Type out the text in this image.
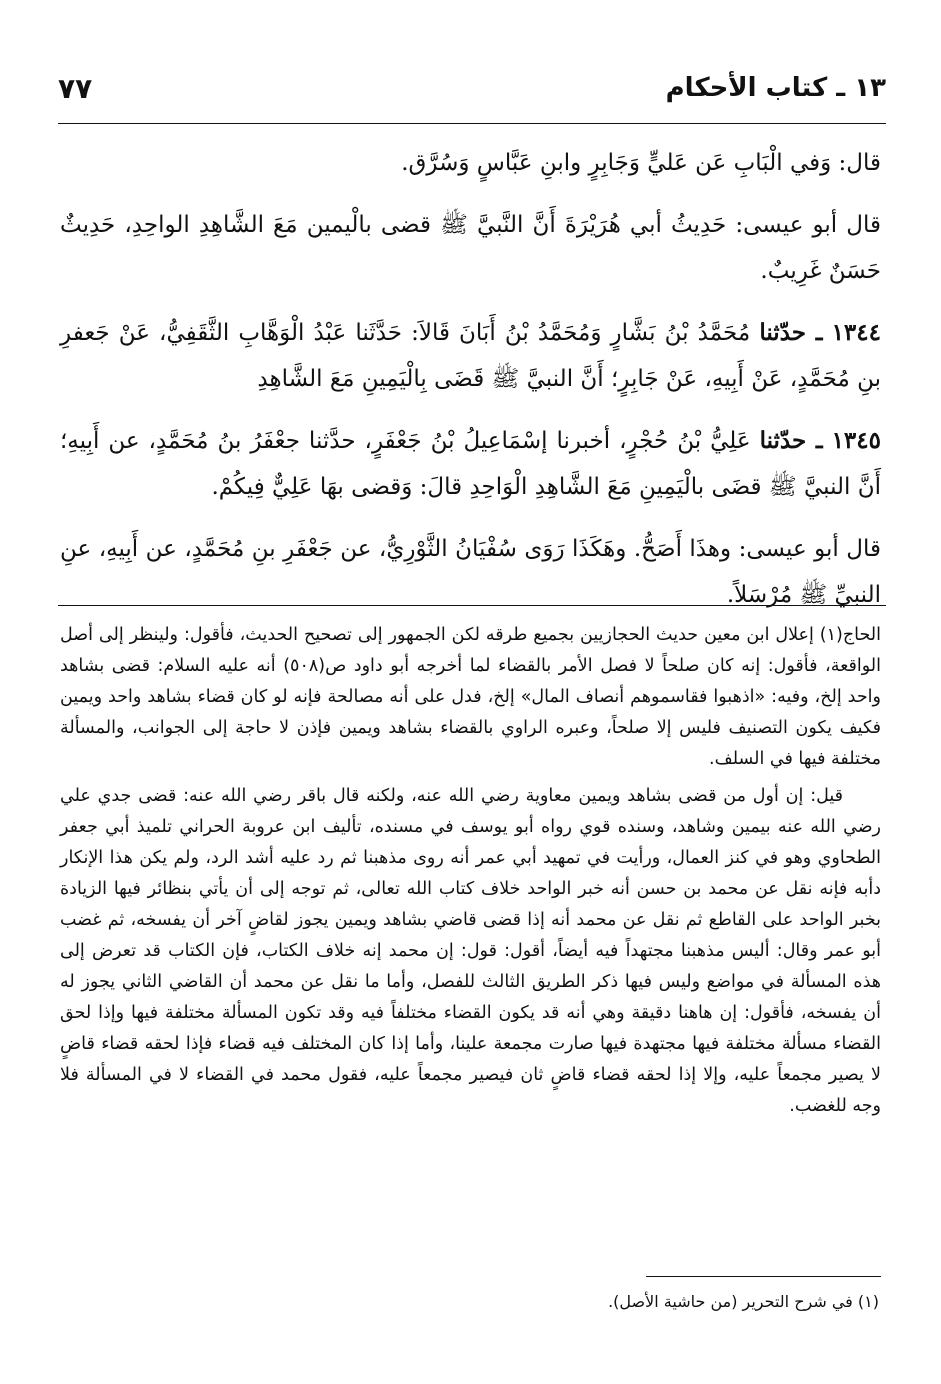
١٣ ـ كتاب الأحكام
٧٧

قال: وَفي الْبَابِ عَن عَليٍّ وَجَابِرٍ وابنِ عَبَّاسٍ وَسُرَّق.

قال أبو عيسى: حَدِيثُ أبي هُرَيْرَةَ أَنَّ النَّبيَّ ﷺ قضى بالْيمين مَعَ الشَّاهِدِ الواحِدِ، حَدِيثٌ حَسَنٌ غَرِيبٌ.

١٣٤٤ ـ حدّثنا مُحَمَّدُ بْنُ بَشَّارٍ وَمُحَمَّدُ بْنُ أَبَانَ قَالاَ: حَدَّثَنا عَبْدُ الْوَهَّابِ الثَّقَفِيُّ، عَنْ جَعفرِ بنِ مُحَمَّدٍ، عَنْ أَبِيهِ، عَنْ جَابِرٍ؛ أَنَّ النبيَّ ﷺ قَضَى بِالْيَمِينِ مَعَ الشَّاهِدِ

١٣٤٥ ـ حدّثنا عَلِيُّ بْنُ حُجْرٍ، أخبرنا إسْمَاعِيلُ بْنُ جَعْفَرٍ، حدَّثنا جعْفَرُ بنُ مُحَمَّدٍ، عن أَبِيهِ؛ أَنَّ النبيَّ ﷺ قضَى بالْيَمِينِ مَعَ الشَّاهِدِ الْوَاحِدِ قالَ: وَقضى بهَا عَلِيٌّ فِيكُمْ.

قال أبو عيسى: وهذَا أَصَحُّ. وهَكَذَا رَوَى سُفْيَانُ الثَّوْرِيُّ، عن جَعْفَرِ بنِ مُحَمَّدٍ، عن أَبِيهِ، عنِ النبيِّ ﷺ مُرْسَلاً.

الحاج(١) إعلال ابن معين حديث الحجازيين بجميع طرقه لكن الجمهور إلى تصحيح الحديث، فأقول: ولينظر إلى أصل الواقعة، فأقول: إنه كان صلحاً لا فصل الأمر بالقضاء لما أخرجه أبو داود ص(٥٠٨) أنه عليه السلام: قضى بشاهد واحد إلخ، وفيه: «اذهبوا فقاسموهم أنصاف المال» إلخ، فدل على أنه مصالحة فإنه لو كان قضاء بشاهد واحد ويمين فكيف يكون التصنيف فليس إلا صلحاً، وعبره الراوي بالقضاء بشاهد ويمين فإذن لا حاجة إلى الجوانب، والمسألة مختلفة فيها في السلف.

قيل: إن أول من قضى بشاهد ويمين معاوية رضي الله عنه، ولكنه قال باقر رضي الله عنه: قضى جدي علي رضي الله عنه بيمين وشاهد، وسنده قوي رواه أبو يوسف في مسنده، تأليف ابن عروبة الحراني تلميذ أبي جعفر الطحاوي وهو في كنز العمال، ورأيت في تمهيد أبي عمر أنه روى مذهبنا ثم رد عليه أشد الرد، ولم يكن هذا الإنكار دأبه فإنه نقل عن محمد بن حسن أنه خبر الواحد خلاف كتاب الله تعالى، ثم توجه إلى أن يأتي بنظائر فيها الزيادة بخبر الواحد على القاطع ثم نقل عن محمد أنه إذا قضى قاضي بشاهد ويمين يجوز لقاضٍ آخر أن يفسخه، ثم غضب أبو عمر وقال: أليس مذهبنا مجتهداً فيه أيضاً، أقول: قول: إن محمد إنه خلاف الكتاب، فإن الكتاب قد تعرض إلى هذه المسألة في مواضع وليس فيها ذكر الطريق الثالث للفصل، وأما ما نقل عن محمد أن القاضي الثاني يجوز له أن يفسخه، فأقول: إن هاهنا دقيقة وهي أنه قد يكون القضاء مختلفاً فيه وقد تكون المسألة مختلفة فيها وإذا لحق القضاء مسألة مختلفة فيها مجتهدة فيها صارت مجمعة علينا، وأما إذا كان المختلف فيه قضاء فإذا لحقه قضاء قاضٍ لا يصير مجمعاً عليه، وإلا إذا لحقه قضاء قاضٍ ثان فيصير مجمعاً عليه، فقول محمد في القضاء لا في المسألة فلا وجه للغضب.

(١) في شرح التحرير (من حاشية الأصل).
